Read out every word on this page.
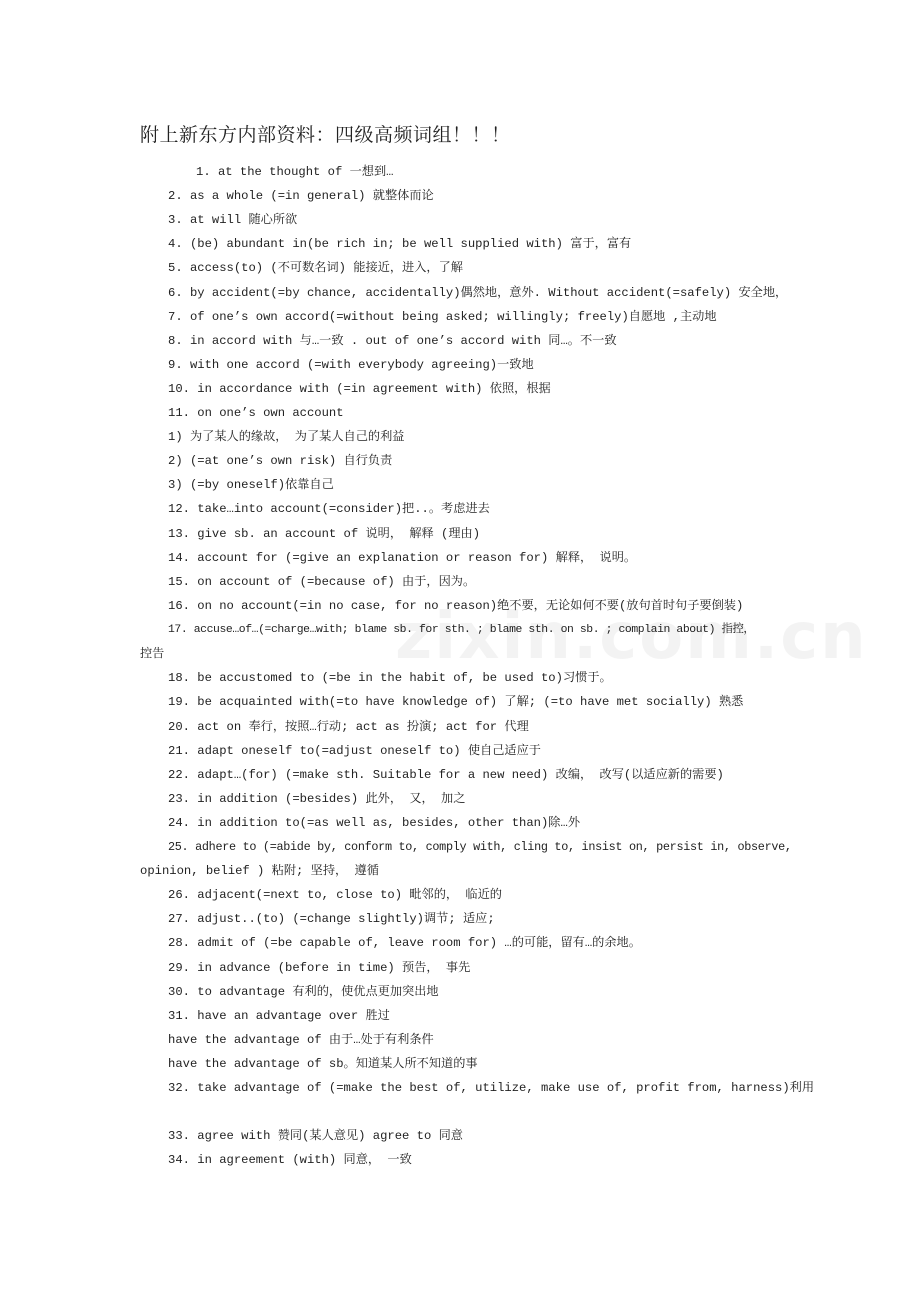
附上新东方内部资料：四级高频词组！！！
1. at the thought of 一想到…
2. as a whole (=in general) 就整体而论
3. at will 随心所欲
4. (be) abundant in(be rich in; be well supplied with) 富于，富有
5. access(to) (不可数名词) 能接近，进入，了解
6. by accident(=by chance, accidentally)偶然地，意外. Without accident(=safely) 安全地，
7. of one’s own accord(=without being asked; willingly; freely)自愿地 ,主动地
8. in accord with 与…一致 . out of one’s accord with 同…。不一致
9. with one accord (=with everybody agreeing)一致地
10. in accordance with (=in agreement with) 依照，根据
11. on one’s own account
1) 为了某人的缘故， 为了某人自己的利益
2) (=at one’s own risk) 自行负责
3) (=by oneself)依靠自己
12. take…into account(=consider)把..。考虑进去
13. give sb. an account of 说明， 解释 (理由)
14. account for (=give an explanation or reason for) 解释， 说明。
15. on account of (=because of) 由于，因为。
16. on no account(=in no case, for no reason)绝不要，无论如何不要(放句首时句子要倒装)
17. accuse…of…(=charge…with; blame sb. for sth. ; blame sth. on sb. ; complain about) 指控，
控告
18. be accustomed to (=be in the habit of, be used to)习惯于。
19. be acquainted with(=to have knowledge of) 了解; (=to have met socially) 熟悉
20. act on 奉行，按照…行动; act as 扮演; act for 代理
21. adapt oneself to(=adjust oneself to) 使自己适应于
22. adapt…(for) (=make sth. Suitable for a new need) 改编， 改写(以适应新的需要)
23. in addition (=besides) 此外， 又， 加之
24. in addition to(=as well as, besides, other than)除…外
25. adhere to (=abide by, conform to, comply with, cling to, insist on, persist in, observe,
opinion, belief ) 粘附; 坚持， 遵循
26. adjacent(=next to, close to) 毗邻的， 临近的
27. adjust..(to) (=change slightly)调节; 适应;
28. admit of (=be capable of, leave room for) …的可能，留有…的余地。
29. in advance (before in time) 预告， 事先
30. to advantage 有利的，使优点更加突出地
31. have an advantage over 胜过
have the advantage of 由于…处于有利条件
have the advantage of sb。知道某人所不知道的事
32. take advantage of (=make the best of, utilize, make use of, profit from, harness)利用
33. agree with 赞同(某人意见) agree to 同意
34. in agreement (with) 同意， 一致
